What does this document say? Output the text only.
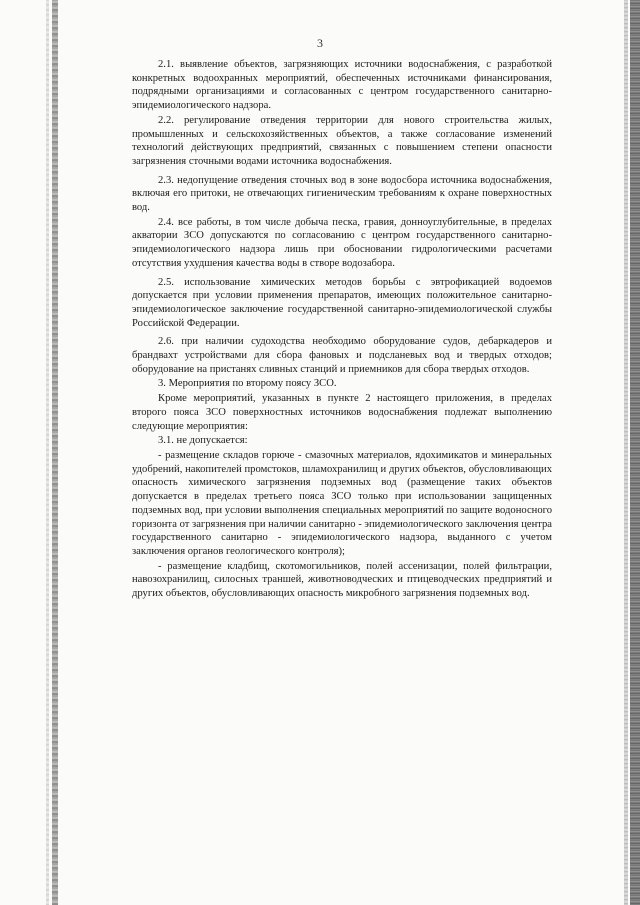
3

2.1. выявление объектов, загрязняющих источники водоснабжения, с разработкой конкретных водоохранных мероприятий, обеспеченных источниками финансирования, подрядными организациями и согласованных с центром государственного санитарно-эпидемиологического надзора.

2.2. регулирование отведения территории для нового строительства жилых, промышленных и сельскохозяйственных объектов, а также согласование изменений технологий действующих предприятий, связанных с повышением степени опасности загрязнения сточными водами источника водоснабжения.

2.3. недопущение отведения сточных вод в зоне водосбора источника водоснабжения, включая его притоки, не отвечающих гигиеническим требованиям к охране поверхностных вод.

2.4. все работы, в том числе добыча песка, гравия, донноуглубительные, в пределах акватории ЗСО допускаются по согласованию с центром государственного санитарно-эпидемиологического надзора лишь при обосновании гидрологическими расчетами отсутствия ухудшения качества воды в створе водозабора.

2.5. использование химических методов борьбы с эвтрофикацией водоемов допускается при условии применения препаратов, имеющих положительное санитарно-эпидемиологическое заключение государственной санитарно-эпидемиологической службы Российской Федерации.

2.6. при наличии судоходства необходимо оборудование судов, дебаркадеров и брандвахт устройствами для сбора фановых и подсланевых вод и твердых отходов; оборудование на пристанях сливных станций и приемников для сбора твердых отходов.

3. Мероприятия по второму поясу ЗСО.

Кроме мероприятий, указанных в пункте 2 настоящего приложения, в пределах второго пояса ЗСО поверхностных источников водоснабжения подлежат выполнению следующие мероприятия:

3.1. не допускается:

- размещение складов горюче - смазочных материалов, ядохимикатов и минеральных удобрений, накопителей промстоков, шламохранилищ и других объектов, обусловливающих опасность химического загрязнения подземных вод (размещение таких объектов допускается в пределах третьего пояса ЗСО только при использовании защищенных подземных вод, при условии выполнения специальных мероприятий по защите водоносного горизонта от загрязнения при наличии санитарно - эпидемиологического заключения центра государственного санитарно - эпидемиологического надзора, выданного с учетом заключения органов геологического контроля);

- размещение кладбищ, скотомогильников, полей ассенизации, полей фильтрации, навозохранилищ, силосных траншей, животноводческих и птицеводческих предприятий и других объектов, обусловливающих опасность микробного загрязнения подземных вод.
